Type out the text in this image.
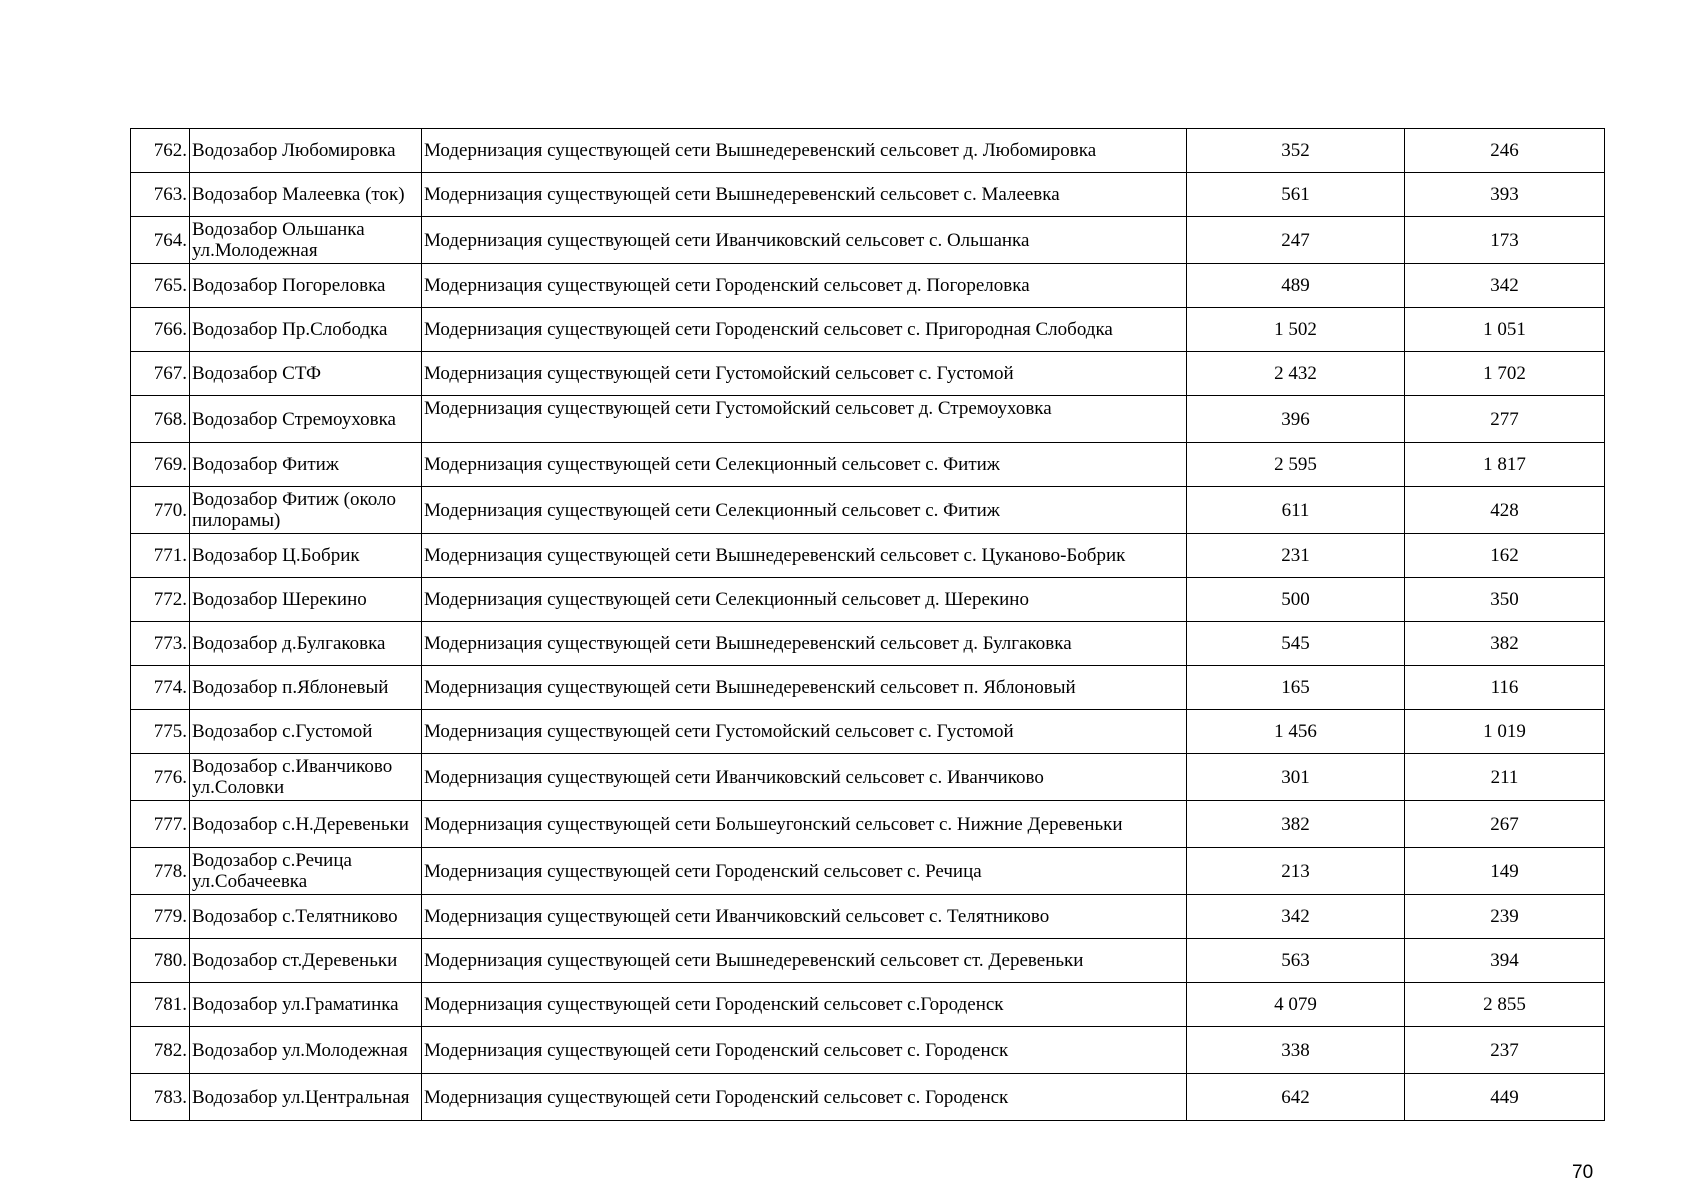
762.	Водозабор Любомировка	Модернизация существующей сети Вышнедеревенский сельсовет д. Любомировка	352	246
763.	Водозабор Малеевка (ток)	Модернизация существующей сети Вышнедеревенский сельсовет с. Малеевка	561	393
764.	Водозабор Ольшанка ул.Молодежная	Модернизация существующей сети Иванчиковский сельсовет с. Ольшанка	247	173
765.	Водозабор Погореловка	Модернизация существующей сети Городенский сельсовет д. Погореловка	489	342
766.	Водозабор Пр.Слободка	Модернизация существующей сети Городенский сельсовет с. Пригородная Слободка	1 502	1 051
767.	Водозабор СТФ	Модернизация существующей сети Густомойский сельсовет с. Густомой	2 432	1 702
768.	Водозабор Стремоуховка	Модернизация существующей сети Густомойский сельсовет д. Стремоуховка	396	277
769.	Водозабор Фитиж	Модернизация существующей сети Селекционный сельсовет с. Фитиж	2 595	1 817
770.	Водозабор Фитиж (около пилорамы)	Модернизация существующей сети Селекционный сельсовет с. Фитиж	611	428
771.	Водозабор Ц.Бобрик	Модернизация существующей сети Вышнедеревенский сельсовет с. Цуканово-Бобрик	231	162
772.	Водозабор Шерекино	Модернизация существующей сети Селекционный сельсовет д. Шерекино	500	350
773.	Водозабор д.Булгаковка	Модернизация существующей сети Вышнедеревенский сельсовет д. Булгаковка	545	382
774.	Водозабор п.Яблоневый	Модернизация существующей сети Вышнедеревенский сельсовет п. Яблоновый	165	116
775.	Водозабор с.Густомой	Модернизация существующей сети Густомойский сельсовет с. Густомой	1 456	1 019
776.	Водозабор с.Иванчиково ул.Соловки	Модернизация существующей сети Иванчиковский сельсовет с. Иванчиково	301	211
777.	Водозабор с.Н.Деревеньки	Модернизация существующей сети Большеугонский сельсовет с. Нижние Деревеньки	382	267
778.	Водозабор с.Речица ул.Собачеевка	Модернизация существующей сети Городенский сельсовет с. Речица	213	149
779.	Водозабор с.Телятниково	Модернизация существующей сети Иванчиковский сельсовет с. Телятниково	342	239
780.	Водозабор ст.Деревеньки	Модернизация существующей сети Вышнедеревенский сельсовет ст. Деревеньки	563	394
781.	Водозабор ул.Граматинка	Модернизация существующей сети Городенский сельсовет с.Городенск	4 079	2 855
782.	Водозабор ул.Молодежная	Модернизация существующей сети Городенский сельсовет с. Городенск	338	237
783.	Водозабор ул.Центральная	Модернизация существующей сети Городенский сельсовет с. Городенск	642	449
70
